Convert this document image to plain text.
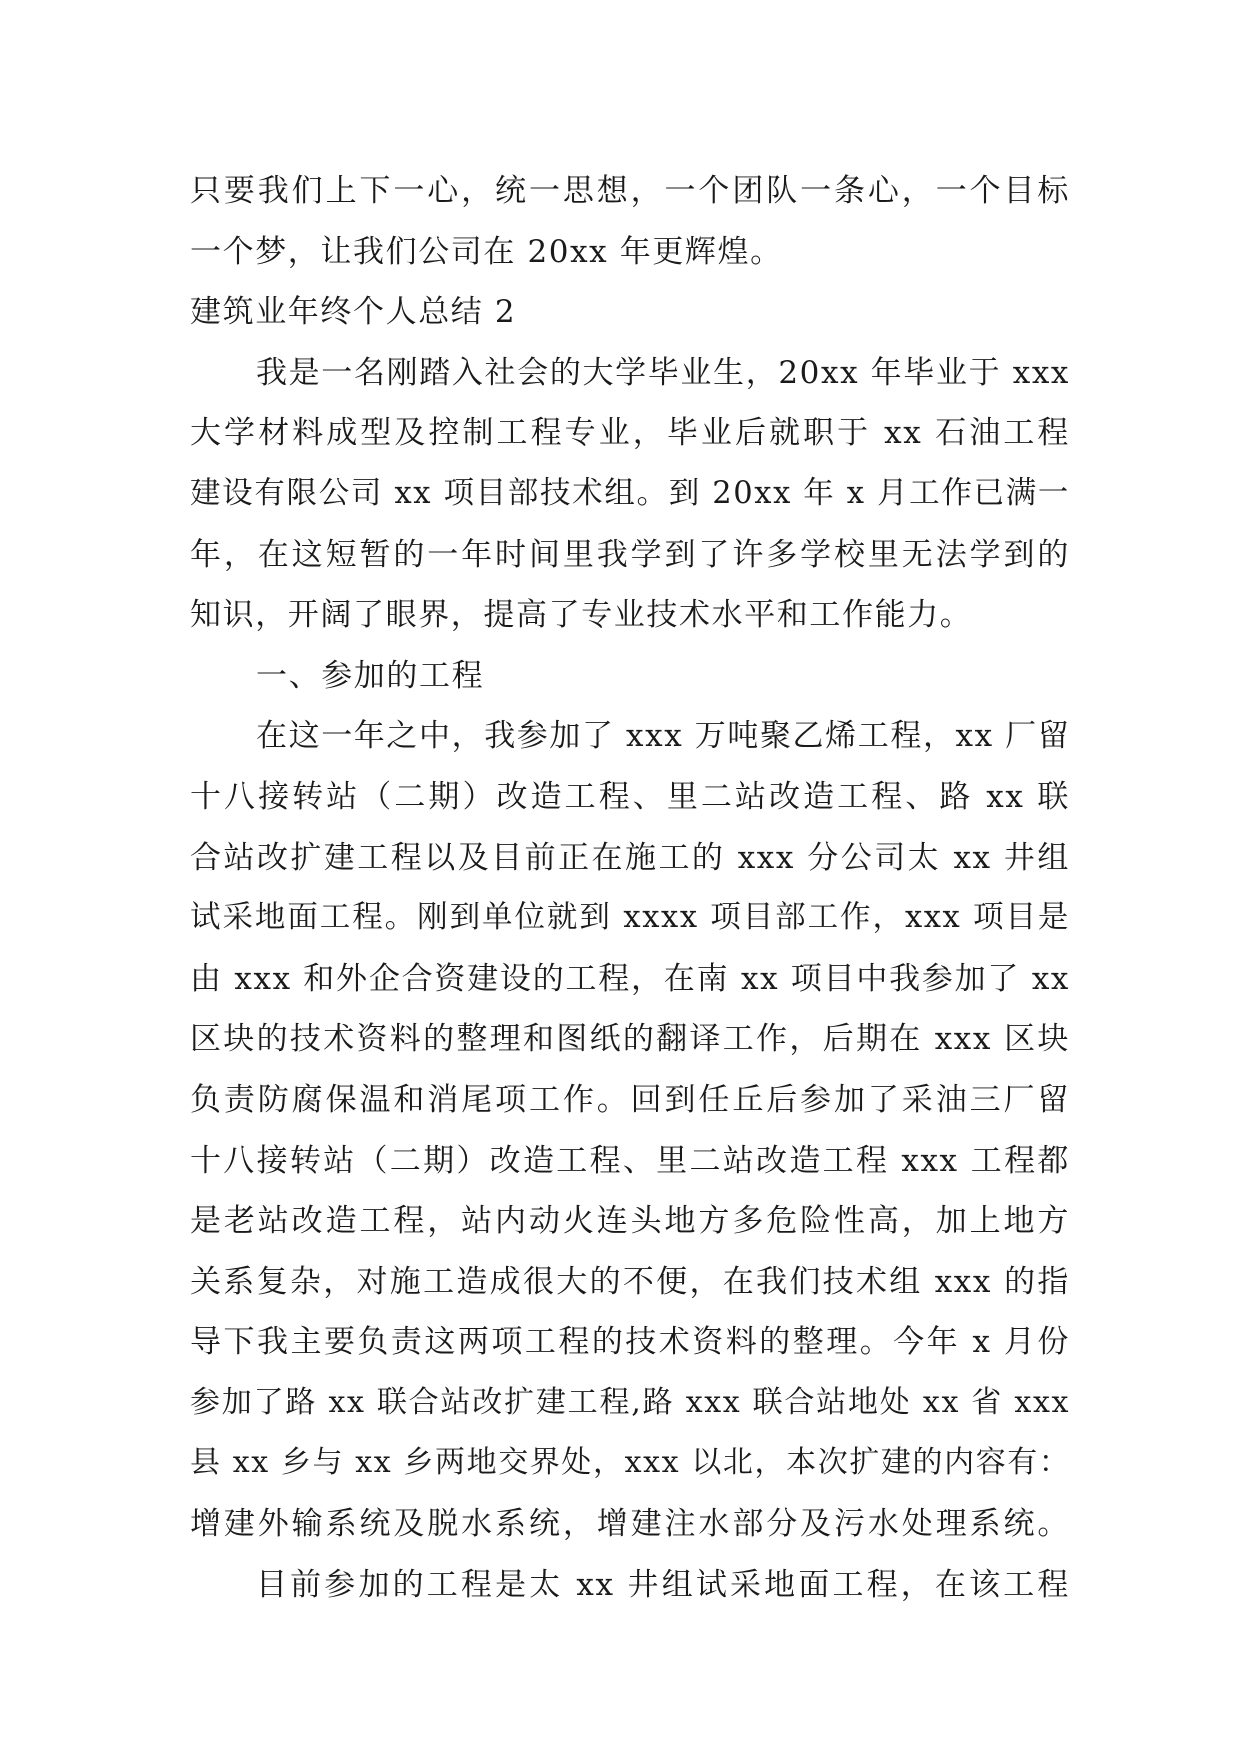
只要我们上下一心，统一思想，一个团队一条心，一个目标
一个梦，让我们公司在 20xx 年更辉煌。
建筑业年终个人总结 2
我是一名刚踏入社会的大学毕业生，20xx 年毕业于 xxx
大学材料成型及控制工程专业，毕业后就职于 xx 石油工程
建设有限公司 xx 项目部技术组。到 20xx 年 x 月工作已满一
年，在这短暂的一年时间里我学到了许多学校里无法学到的
知识，开阔了眼界，提高了专业技术水平和工作能力。
一、参加的工程
在这一年之中，我参加了 xxx 万吨聚乙烯工程，xx 厂留
十八接转站（二期）改造工程、里二站改造工程、路 xx 联
合站改扩建工程以及目前正在施工的 xxx 分公司太 xx 井组
试采地面工程。刚到单位就到 xxxx 项目部工作，xxx 项目是
由 xxx 和外企合资建设的工程，在南 xx 项目中我参加了 xx
区块的技术资料的整理和图纸的翻译工作，后期在 xxx 区块
负责防腐保温和消尾项工作。回到任丘后参加了采油三厂留
十八接转站（二期）改造工程、里二站改造工程 xxx 工程都
是老站改造工程，站内动火连头地方多危险性高，加上地方
关系复杂，对施工造成很大的不便，在我们技术组 xxx 的指
导下我主要负责这两项工程的技术资料的整理。今年 x 月份
参加了路 xx 联合站改扩建工程,路 xxx 联合站地处 xx 省 xxx
县 xx 乡与 xx 乡两地交界处，xxx 以北，本次扩建的内容有：
增建外输系统及脱水系统，增建注水部分及污水处理系统。
目前参加的工程是太 xx 井组试采地面工程，在该工程
